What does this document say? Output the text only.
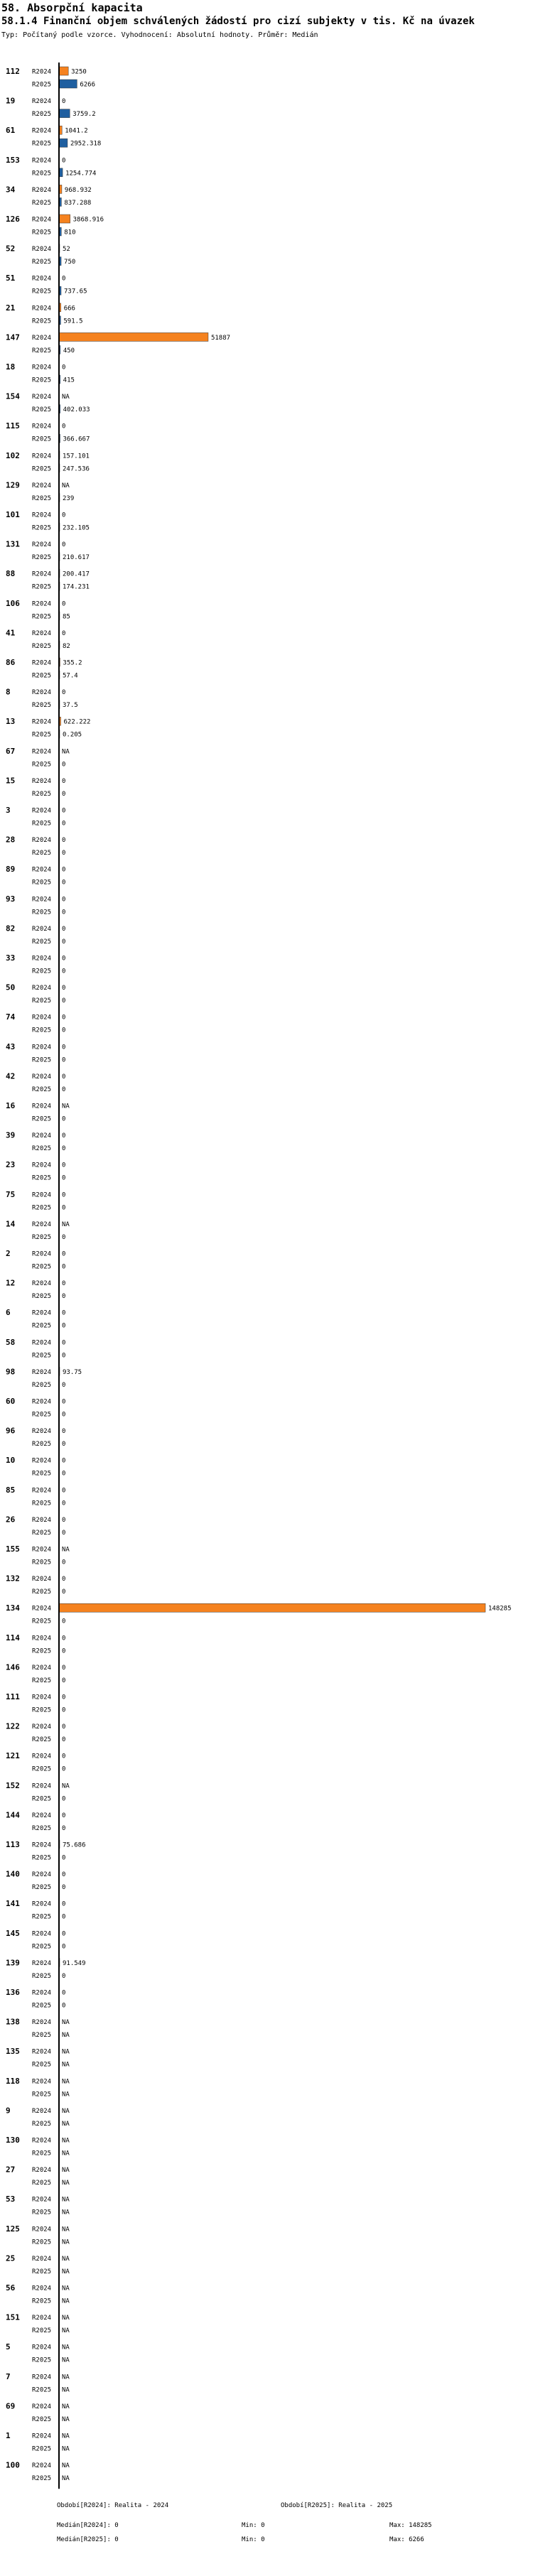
58. Absorpční kapacita
58.1.4 Finanční objem schválených žádostí pro cizí subjekty v tis. Kč na úvazek
Typ: Počítaný podle vzorce. Vyhodnocení: Absolutní hodnoty. Průměr: Medián
112 R2024	3250
R2025	6266
19	R2024 0
R2025	3759.2
61	R2024 1041.2
R2025	2952.318
153 R2024 0
R2025 1254.774
34	R2024 968.932
R2025 837.288
126 R2024	3868.916
R2025 810
52	R2024 52
R2025 750
51	R2024 0
R2025 737.65
21	R2024 666
R2025 591.5
147 R2024	51887
R2025 450
18	R2024 0
R2025 415
154 R2024 NA
R2025 402.033
115 R2024 0
R2025 366.667
102 R2024 157.101
R2025 247.536
129 R2024 NA
R2025 239
101 R2024 0
R2025 232.105
131 R2024 0
R2025 210.617
88	R2024 200.417
R2025 174.231
106 R2024 0
R2025 85
41	R2024 0
R2025 82
86	R2024 355.2
R2025 57.4
8	R2024 0
R2025 37.5
13	R2024 622.222
R2025 0.205
67	R2024 NA
R2025 0
15	R2024 0
R2025 0
3	R2024 0
R2025 0
28	R2024 0
R2025 0
89	R2024 0
R2025 0
93	R2024 0
R2025 0
82	R2024 0
R2025 0
33	R2024 0
R2025 0
50	R2024 0
R2025 0
74	R2024 0
R2025 0
43	R2024 0
R2025 0
42	R2024 0
R2025 0
16	R2024 NA
R2025 0
39	R2024 0
R2025 0
23	R2024 0
R2025 0
75	R2024 0
R2025 0
14	R2024 NA
R2025 0
2	R2024 0
R2025 0
12	R2024 0
R2025 0
6	R2024 0
R2025 0
58	R2024 0
R2025 0
98	R2024 93.75
R2025 0
60	R2024 0
R2025 0
96	R2024 0
R2025 0
10	R2024 0
R2025 0
85	R2024 0
R2025 0
26	R2024 0
R2025 0
155 R2024 NA
R2025 0
132 R2024 0
R2025 0
134 R2024	148285
R2025 0
114 R2024 0
R2025 0
146 R2024 0
R2025 0
111 R2024 0
R2025 0
122 R2024 0
R2025 0
121 R2024 0
R2025 0
152 R2024 NA
R2025 0
144 R2024 0
R2025 0
113 R2024 75.686
R2025 0
140 R2024 0
R2025 0
141 R2024 0
R2025 0
145 R2024 0
R2025 0
139 R2024 91.549
R2025 0
136 R2024 0
R2025 0
138 R2024 NA
R2025 NA
135 R2024 NA
R2025 NA
118 R2024 NA
R2025 NA
9	R2024 NA
R2025 NA
130 R2024 NA
R2025 NA
27	R2024 NA
R2025 NA
53	R2024 NA
R2025 NA
125 R2024 NA
R2025 NA
25	R2024 NA
R2025 NA
56	R2024 NA
R2025 NA
151 R2024 NA
R2025 NA
5	R2024 NA
R2025 NA
7	R2024 NA
R2025 NA
69	R2024 NA
R2025 NA
1	R2024 NA
R2025 NA
100 R2024 NA
R2025 NA
Období[R2024]: Realita - 2024	Období[R2025]: Realita - 2025
Medián[R2024]: 0	Min: 0	Max: 148285
Medián[R2025]: 0	Min: 0	Max: 6266
